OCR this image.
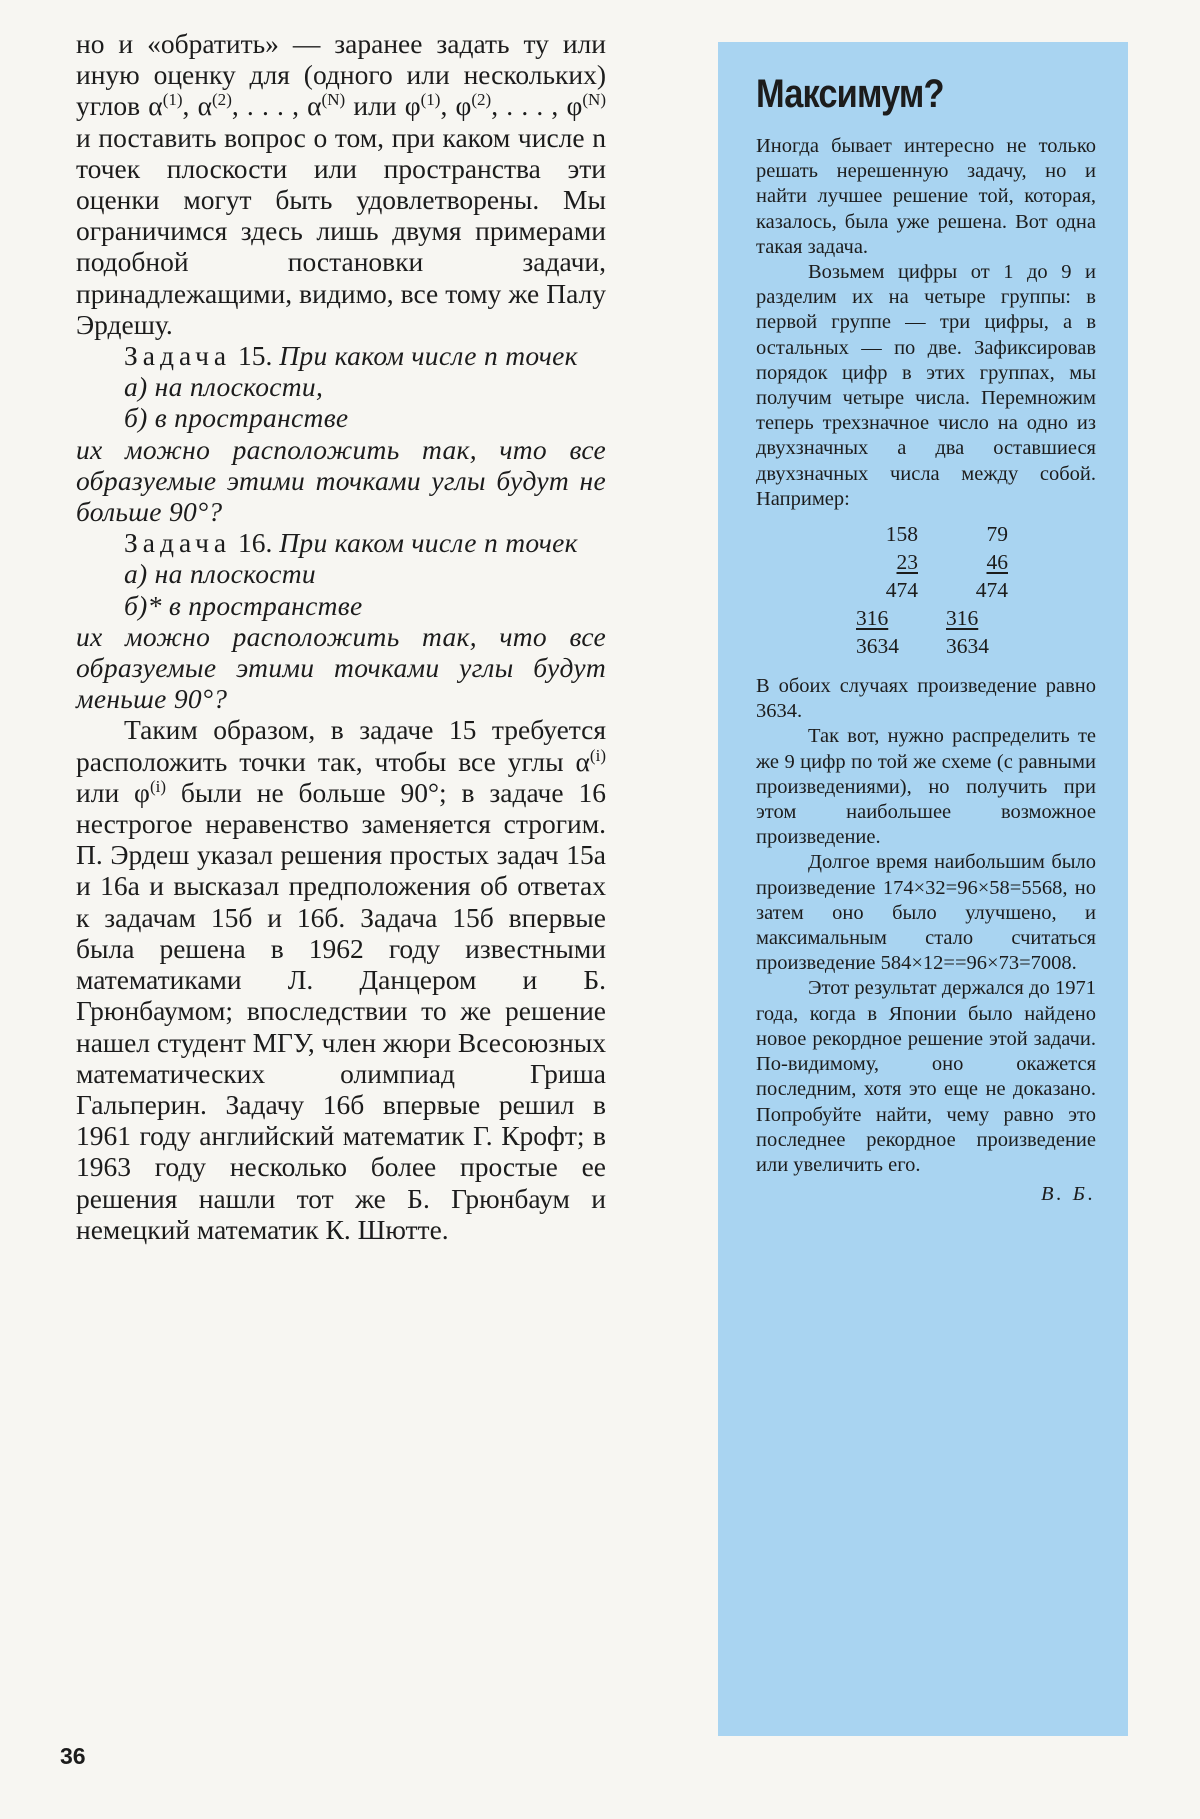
но и «обратить» — заранее задать ту или иную оценку для (одного или нескольких) углов $\alpha^{(1)}$, $\alpha^{(2)}$, . . . , $\alpha^{(N)}$ или $\varphi^{(1)}$, $\varphi^{(2)}$, . . . , $\varphi^{(N)}$ и поставить вопрос о том, при каком числе n точек плоскости или пространства эти оценки могут быть удовлетворены. Мы ограничимся здесь лишь двумя примерами подобной постановки задачи, принадлежащими, видимо, все тому же Палу Эрдешу.

Задача 15. При каком числе n точек

а) на плоскости,

б) в пространстве

их можно расположить так, что все образуемые этими точками углы будут не больше 90°?

Задача 16. При каком числе n точек

а) на плоскости

б)* в пространстве

их можно расположить так, что все образуемые этими точками углы будут меньше 90°?

Таким образом, в задаче 15 требуется расположить точки так, чтобы все углы $\alpha^{(i)}$ или $\varphi^{(i)}$ были не больше 90°; в задаче 16 нестрогое неравенство заменяется строгим. П. Эрдеш указал решения простых задач 15а и 16а и высказал предположения об ответах к задачам 15б и 16б. Задача 15б впервые была решена в 1962 году известными математиками Л. Данцером и Б. Грюнбаумом; впоследствии то же решение нашел студент МГУ, член жюри Всесоюзных математических олимпиад Гриша Гальперин. Задачу 16б впервые решил в 1961 году английский математик Г. Крофт; в 1963 году несколько более простые ее решения нашли тот же Б. Грюнбаум и немецкий математик К. Шютте.

Максимум?

Иногда бывает интересно не только решать нерешенную задачу, но и найти лучшее решение той, которая, казалось, была уже решена. Вот одна такая задача.

Возьмем цифры от 1 до 9 и разделим их на четыре группы: в первой группе — три цифры, а в остальных — по две. Зафиксировав порядок цифр в этих группах, мы получим четыре числа. Перемножим теперь трехзначное число на одно из двухзначных а два оставшиеся двухзначных числа между собой. Например:

158	79
23	46
474	474
316	316
3634	3634

В обоих случаях произведение равно 3634.

Так вот, нужно распределить те же 9 цифр по той же схеме (с равными произведениями), но получить при этом наибольшее возможное произведение.

Долгое время наибольшим было произведение 174×32=96×58=5568, но затем оно было улучшено, и максимальным стало считаться произведение 584×12==96×73=7008.

Этот результат держался до 1971 года, когда в Японии было найдено новое рекордное решение этой задачи. По-видимому, оно окажется последним, хотя это еще не доказано. Попробуйте найти, чему равно это последнее рекордное произведение или увеличить его.

В. Б.

36
